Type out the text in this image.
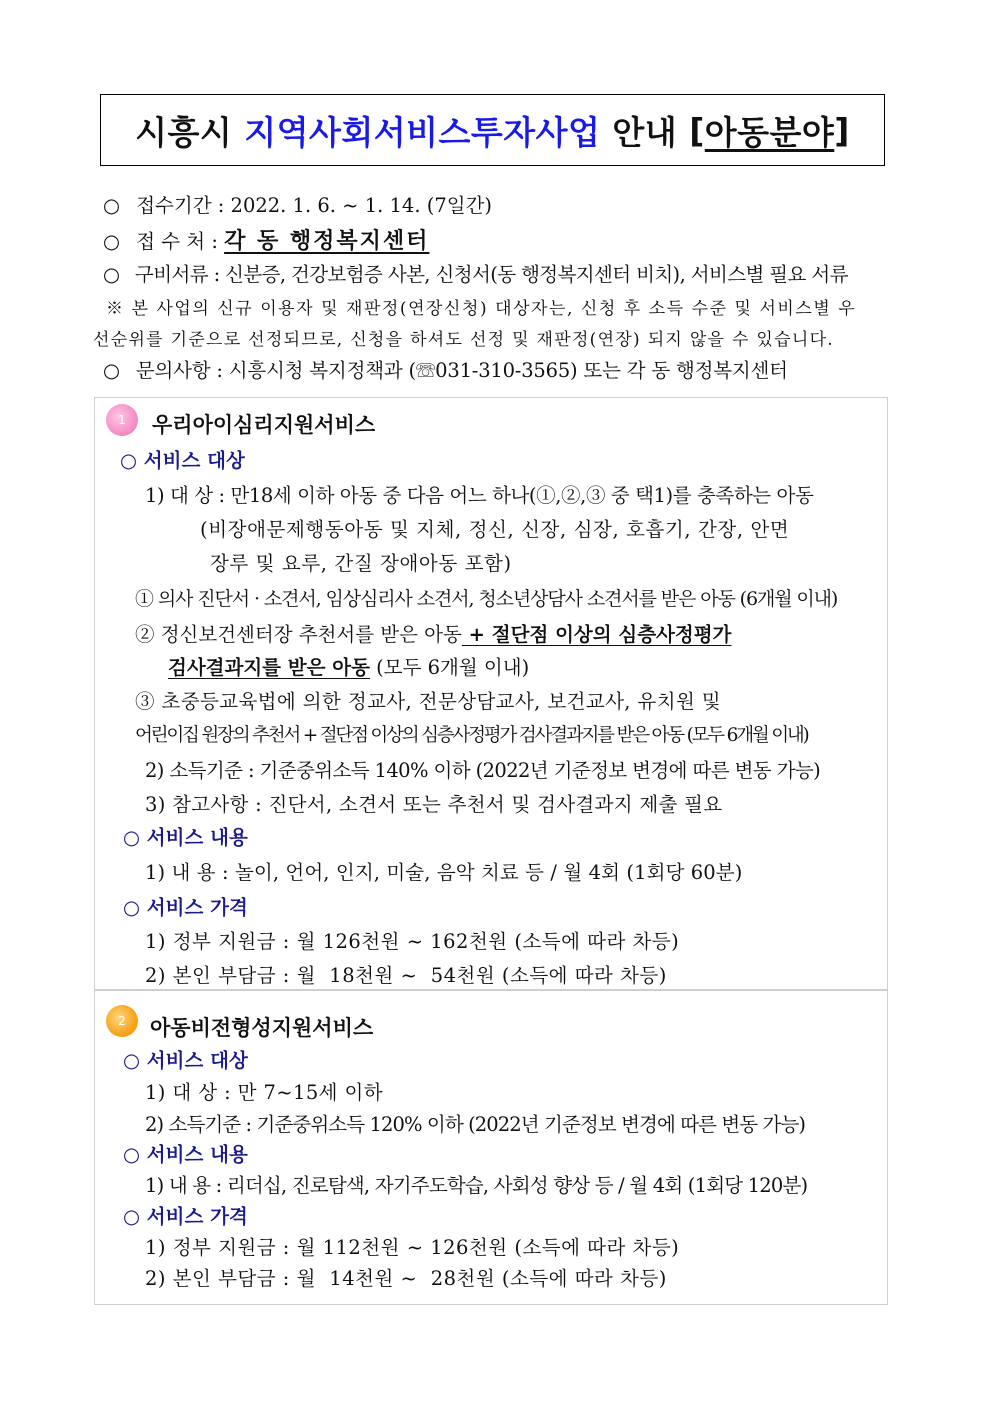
시흥시 지역사회서비스투자사업 안내 [ 아동분야 ]
○ 접수기간 : 2022. 1. 6. ~ 1. 14. (7일간)
○ 접 수 처 : 각 동 행정복지센터
○ 구비서류 : 신분증, 건강보험증 사본, 신청서(동 행정복지센터 비치), 서비스별 필요 서류
※ 본 사업의 신규 이용자 및 재판정(연장신청) 대상자는, 신청 후 소득 수준 및 서비스별 우
선순위를 기준으로 선정되므로, 신청을 하셔도 선정 및 재판정(연장) 되지 않을 수 있습니다.
○ 문의사항 : 시흥시청 복지정책과 (☏031-310-3565) 또는 각 동 행정복지센터
1	우리아이심리지원서비스
○ 서비스 대상
1) 대 상 : 만18세 이하 아동 중 다음 어느 하나(①,②,③ 중 택1)를 충족하는 아동
(비장애문제행동아동 및 지체, 정신, 신장, 심장, 호흡기, 간장, 안면
장루 및 요루, 간질 장애아동 포함)
① 의사 진단서 · 소견서, 임상심리사 소견서, 청소년상담사 소견서를 받은 아동 (6개월 이내)
② 정신보건센터장 추천서를 받은 아동 + 절단점 이상의 심층사정평가
검사결과지를 받은 아동 (모두 6개월 이내)
③ 초중등교육법에 의한 정교사, 전문상담교사, 보건교사, 유치원 및
어린이집 원장의 추천서 + 절단점 이상의 심층사정평가 검사결과지를 받은 아동 (모두 6개월 이내)
2) 소득기준 : 기준중위소득 140% 이하 (2022년 기준정보 변경에 따른 변동 가능)
3) 참고사항 : 진단서, 소견서 또는 추천서 및 검사결과지 제출 필요
○ 서비스 내용
1) 내 용 : 놀이, 언어, 인지, 미술, 음악 치료 등 / 월 4회 (1회당 60분)
○ 서비스 가격
1) 정부 지원금 : 월 126천원 ~ 162천원 (소득에 따라 차등)
2) 본인 부담금 : 월  18천원 ~  54천원 (소득에 따라 차등)
2	아동비전형성지원서비스
○ 서비스 대상
1) 대 상 : 만 7~15세 이하
2) 소득기준 : 기준중위소득 120% 이하 (2022년 기준정보 변경에 따른 변동 가능)
○ 서비스 내용
1) 내 용 : 리더십, 진로탐색, 자기주도학습, 사회성 향상 등 / 월 4회 (1회당 120분)
○ 서비스 가격
1) 정부 지원금 : 월 112천원 ~ 126천원 (소득에 따라 차등)
2) 본인 부담금 : 월  14천원 ~  28천원 (소득에 따라 차등)
